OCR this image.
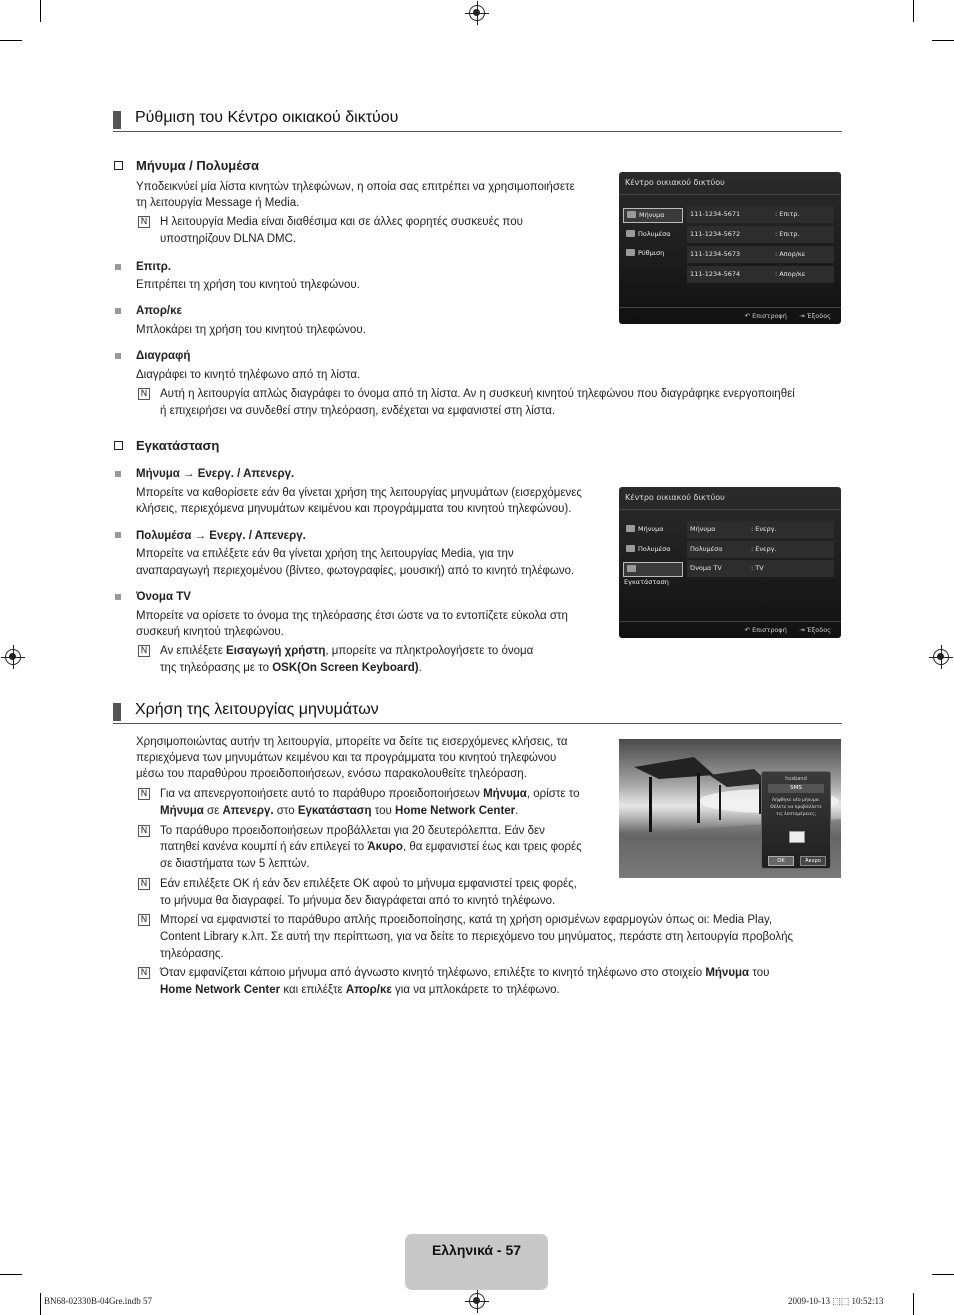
Ρύθμιση του Κέντρο οικιακού δικτύου
Μήνυμα / Πολυμέσα
Υποδεικνύεί μία λίστα κινητών τηλεφώνων, η οποία σας επιτρέπει να χρησιμοποιήσετε
τη λειτουργία Message ή Media.
N Η λειτουργία Media είναι διαθέσιμα και σε άλλες φορητές συσκευές που
υποστηρίζουν DLNA DMC.
Επιτρ.
Επιτρέπει τη χρήση του κινητού τηλεφώνου.
Απορ/κε
Μπλοκάρει τη χρήση του κινητού τηλεφώνου.
Διαγραφή
Διαγράφει το κινητό τηλέφωνο από τη λίστα.
N Αυτή η λειτουργία απλώς διαγράφει το όνομα από τη λίστα. Αν η συσκευή κινητού τηλεφώνου που διαγράφηκε ενεργοποιηθεί
ή επιχειρήσει να συνδεθεί στην τηλεόραση, ενδέχεται να εμφανιστεί στη λίστα.
Κέντρο οικιακού δικτύου
Μήνυμα
Πολυμέσα
Ρύθμιση
111-1234-5671	: Επιτρ.
111-1234-5672	: Επιτρ.
111-1234-5673	: Απορ/κε
111-1234-5674	: Απορ/κε
↶ Επιστροφή ⇥ Έξοδος
Εγκατάσταση
Μήνυμα → Ενεργ. / Απενεργ.
Μπορείτε να καθορίσετε εάν θα γίνεται χρήση της λειτουργίας μηνυμάτων (εισερχόμενες
κλήσεις, περιεχόμενα μηνυμάτων κειμένου και προγράμματα του κινητού τηλεφώνου).
Πολυμέσα → Ενεργ. / Απενεργ.
Μπορείτε να επιλέξετε εάν θα γίνεται χρήση της λειτουργίας Media, για την
αναπαραγωγή περιεχομένου (βίντεο, φωτογραφίες, μουσική) από το κινητό τηλέφωνο.
Όνομα TV
Μπορείτε να ορίσετε το όνομα της τηλεόρασης έτσι ώστε να το εντοπίζετε εύκολα στη
συσκευή κινητού τηλεφώνου.
N Αν επιλέξετε Εισαγωγή χρήστη, μπορείτε να πληκτρολογήσετε το όνομα
της τηλεόρασης με το OSK(On Screen Keyboard).
Κέντρο οικιακού δικτύου
Μήνυμα
Πολυμέσα
Εγκατάσταση
Μήνυμα	: Ενεργ.
Πολυμέσα	: Ενεργ.
Όνομα TV	: TV
↶ Επιστροφή ⇥ Έξοδος
Χρήση της λειτουργίας μηνυμάτων
Χρησιμοποιώντας αυτήν τη λειτουργία, μπορείτε να δείτε τις εισερχόμενες κλήσεις, τα
περιεχόμενα των μηνυμάτων κειμένου και τα προγράμματα του κινητού τηλεφώνου
μέσω του παραθύρου προειδοποιήσεων, ενόσω παρακολουθείτε τηλεόραση.
N Για να απενεργοποιήσετε αυτό το παράθυρο προειδοποιήσεων Μήνυμα, ορίστε το
Μήνυμα σε Απενεργ. στο Εγκατάσταση του Home Network Center.
N Το παράθυρο προειδοποιήσεων προβάλλεται για 20 δευτερόλεπτα. Εάν δεν
πατηθεί κανένα κουμπί ή εάν επιλεγεί το Άκυρο, θα εμφανιστεί έως και τρεις φορές
σε διαστήματα των 5 λεπτών.
N Εάν επιλέξετε OK ή εάν δεν επιλέξετε OK αφού το μήνυμα εμφανιστεί τρεις φορές,
το μήνυμα θα διαγραφεί. Το μήνυμα δεν διαγράφεται από το κινητό τηλέφωνο.
N Μπορεί να εμφανιστεί το παράθυρο απλής προειδοποίησης, κατά τη χρήση ορισμένων εφαρμογών όπως οι: Media Play,
Content Library κ.λπ. Σε αυτή την περίπτωση, για να δείτε το περιεχόμενο του μηνύματος, περάστε στη λειτουργία προβολής
τηλεόρασης.
N Όταν εμφανίζεται κάποιο μήνυμα από άγνωστο κινητό τηλέφωνο, επιλέξτε το κινητό τηλέφωνο στο στοιχείο Μήνυμα του
Home Network Center και επιλέξτε Απορ/κε για να μπλοκάρετε το τηλέφωνο.
husband
SMS
Λήψθηκε νέο μήνυμα. Θέλετε να προβάλλετε τις λεπτομέρειες;
OK	Άκυρο
Ελληνικά - 57
BN68-02330B-04Gre.indb 57	2009-10-13 ⬚⬚ 10:52:13
